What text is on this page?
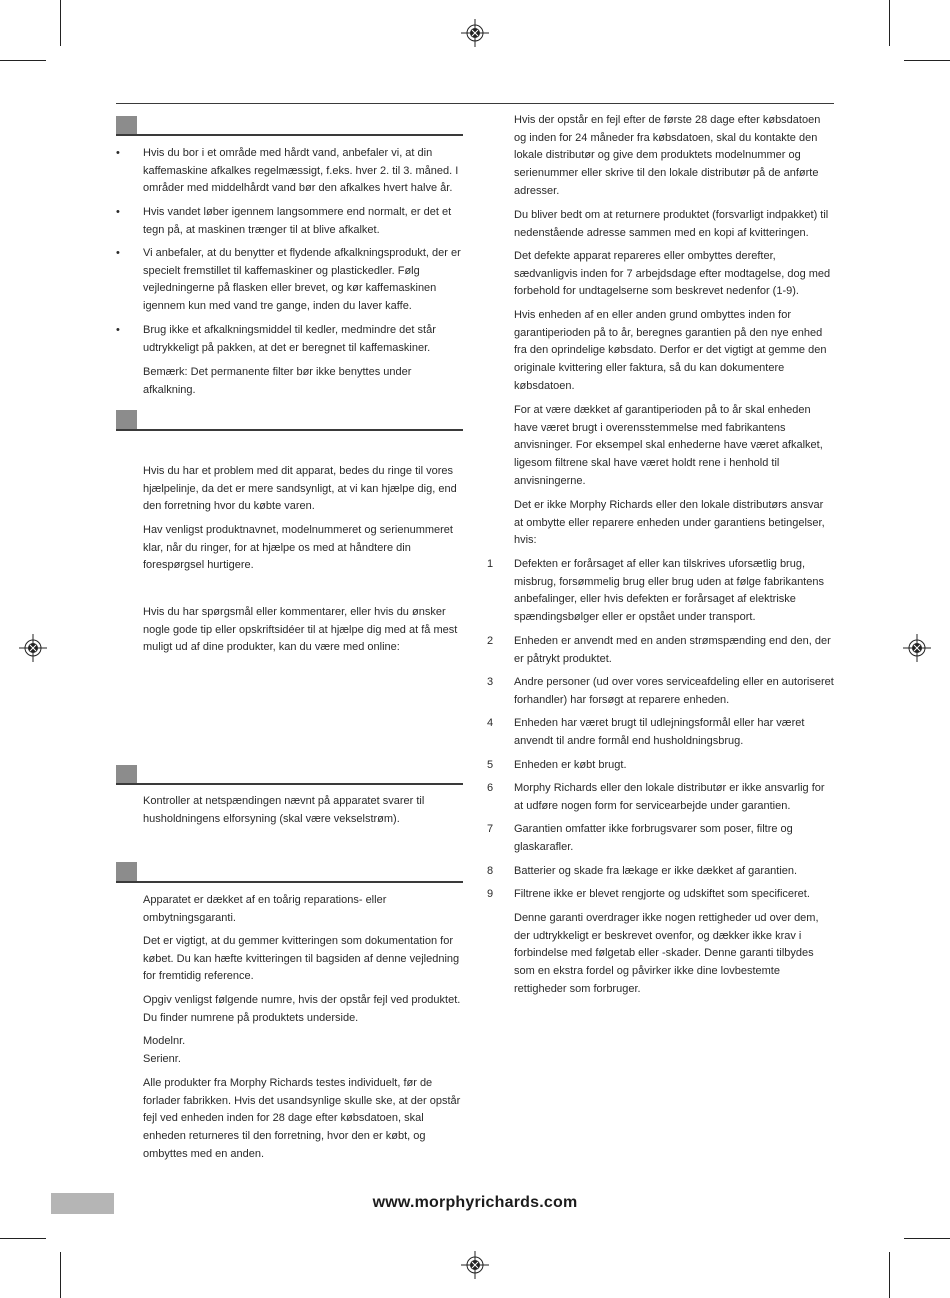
• Hvis du bor i et område med hårdt vand, anbefaler vi, at din kaffemaskine afkalkes regelmæssigt, f.eks. hver 2. til 3. måned. I områder med middelhårdt vand bør den afkalkes hvert halve år.

• Hvis vandet løber igennem langsommere end normalt, er det et tegn på, at maskinen trænger til at blive afkalket.

• Vi anbefaler, at du benytter et flydende afkalkningsprodukt, der er specielt fremstillet til kaffemaskiner og plastickedler. Følg vejledningerne på flasken eller brevet, og kør kaffemaskinen igennem kun med vand tre gange, inden du laver kaffe.

• Brug ikke et afkalkningsmiddel til kedler, medmindre det står udtrykkeligt på pakken, at det er beregnet til kaffemaskiner.

Bemærk: Det permanente filter bør ikke benyttes under afkalkning.

Hvis du har et problem med dit apparat, bedes du ringe til vores hjælpelinje, da det er mere sandsynligt, at vi kan hjælpe dig, end den forretning hvor du købte varen.

Hav venligst produktnavnet, modelnummeret og serienummeret klar, når du ringer, for at hjælpe os med at håndtere din forespørgsel hurtigere.

Hvis du har spørgsmål eller kommentarer, eller hvis du ønsker nogle gode tip eller opskriftsidéer til at hjælpe dig med at få mest muligt ud af dine produkter, kan du være med online:

Kontroller at netspændingen nævnt på apparatet svarer til husholdningens elforsyning (skal være vekselstrøm).

Apparatet er dækket af en toårig reparations- eller ombytningsgaranti.

Det er vigtigt, at du gemmer kvitteringen som dokumentation for købet. Du kan hæfte kvitteringen til bagsiden af denne vejledning for fremtidig reference.

Opgiv venligst følgende numre, hvis der opstår fejl ved produktet. Du finder numrene på produktets underside.

Modelnr.

Serienr.

Alle produkter fra Morphy Richards testes individuelt, før de forlader fabrikken. Hvis det usandsynlige skulle ske, at der opstår fejl ved enheden inden for 28 dage efter købsdatoen, skal enheden returneres til den forretning, hvor den er købt, og ombyttes med en anden.

Hvis der opstår en fejl efter de første 28 dage efter købsdatoen og inden for 24 måneder fra købsdatoen, skal du kontakte den lokale distributør og give dem produktets modelnummer og serienummer eller skrive til den lokale distributør på de anførte adresser.

Du bliver bedt om at returnere produktet (forsvarligt indpakket) til nedenstående adresse sammen med en kopi af kvitteringen.

Det defekte apparat repareres eller ombyttes derefter, sædvanligvis inden for 7 arbejdsdage efter modtagelse, dog med forbehold for undtagelserne som beskrevet nedenfor (1-9).

Hvis enheden af en eller anden grund ombyttes inden for garantiperioden på to år, beregnes garantien på den nye enhed fra den oprindelige købsdato. Derfor er det vigtigt at gemme den originale kvittering eller faktura, så du kan dokumentere købsdatoen.

For at være dækket af garantiperioden på to år skal enheden have været brugt i overensstemmelse med fabrikantens anvisninger. For eksempel skal enhederne have været afkalket, ligesom filtrene skal have været holdt rene i henhold til anvisningerne.

Det er ikke Morphy Richards eller den lokale distributørs ansvar at ombytte eller reparere enheden under garantiens betingelser, hvis:

1 Defekten er forårsaget af eller kan tilskrives uforsætlig brug, misbrug, forsømmelig brug eller brug uden at følge fabrikantens anbefalinger, eller hvis defekten er forårsaget af elektriske spændingsbølger eller er opstået under transport.

2 Enheden er anvendt med en anden strømspænding end den, der er påtrykt produktet.

3 Andre personer (ud over vores serviceafdeling eller en autoriseret forhandler) har forsøgt at reparere enheden.

4 Enheden har været brugt til udlejningsformål eller har været anvendt til andre formål end husholdningsbrug.

5 Enheden er købt brugt.

6 Morphy Richards eller den lokale distributør er ikke ansvarlig for at udføre nogen form for servicearbejde under garantien.

7 Garantien omfatter ikke forbrugsvarer som poser, filtre og glaskarafler.

8 Batterier og skade fra lækage er ikke dækket af garantien.

9 Filtrene ikke er blevet rengjorte og udskiftet som specificeret.

Denne garanti overdrager ikke nogen rettigheder ud over dem, der udtrykkeligt er beskrevet ovenfor, og dækker ikke krav i forbindelse med følgetab eller -skader. Denne garanti tilbydes som en ekstra fordel og påvirker ikke dine lovbestemte rettigheder som forbruger.

www.morphyrichards.com
